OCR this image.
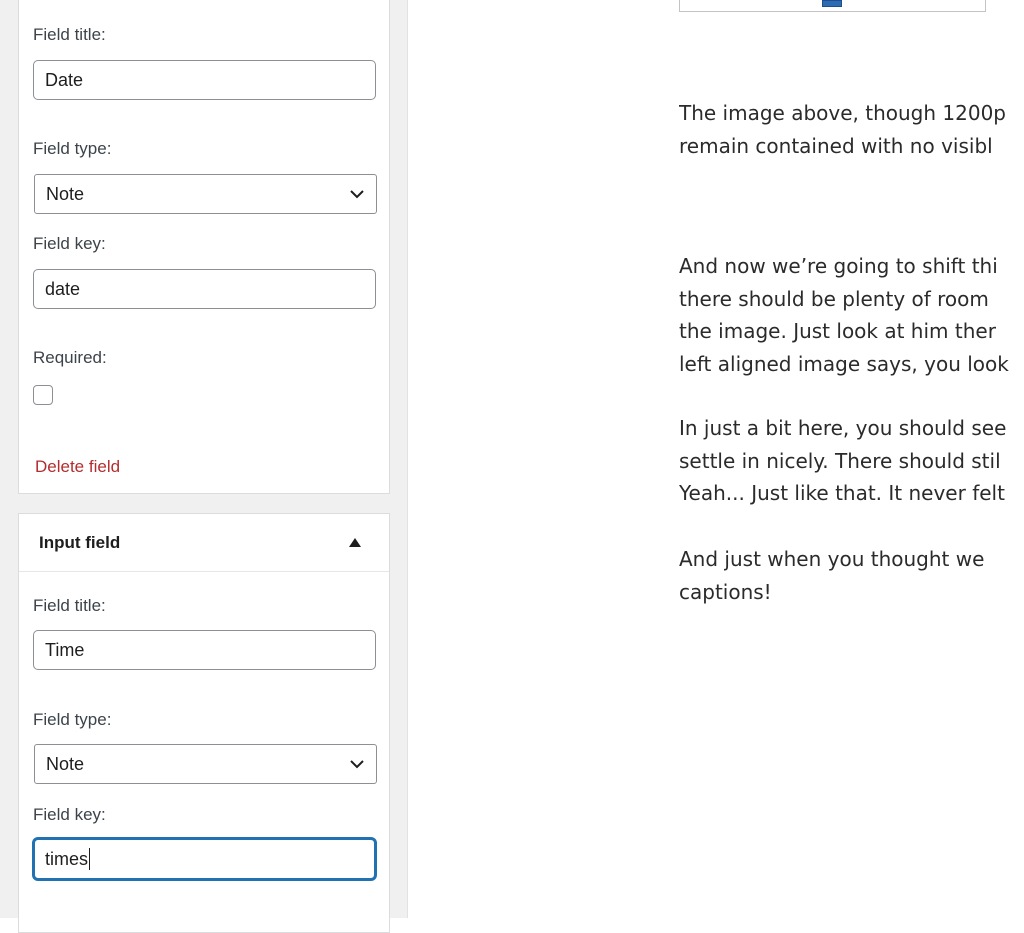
Field title:
Date
Field type:
Note
Field key:
date
Required:
Delete field
Input field
Field title:
Time
Field type:
Note
Field key:
times
The image above, though 1200p
remain contained with no visibl
And now we’re going to shift thi
there should be plenty of room
the image. Just look at him ther
left aligned image says, you look
In just a bit here, you should see
settle in nicely. There should stil
Yeah... Just like that. It never felt
And just when you thought we
captions!
